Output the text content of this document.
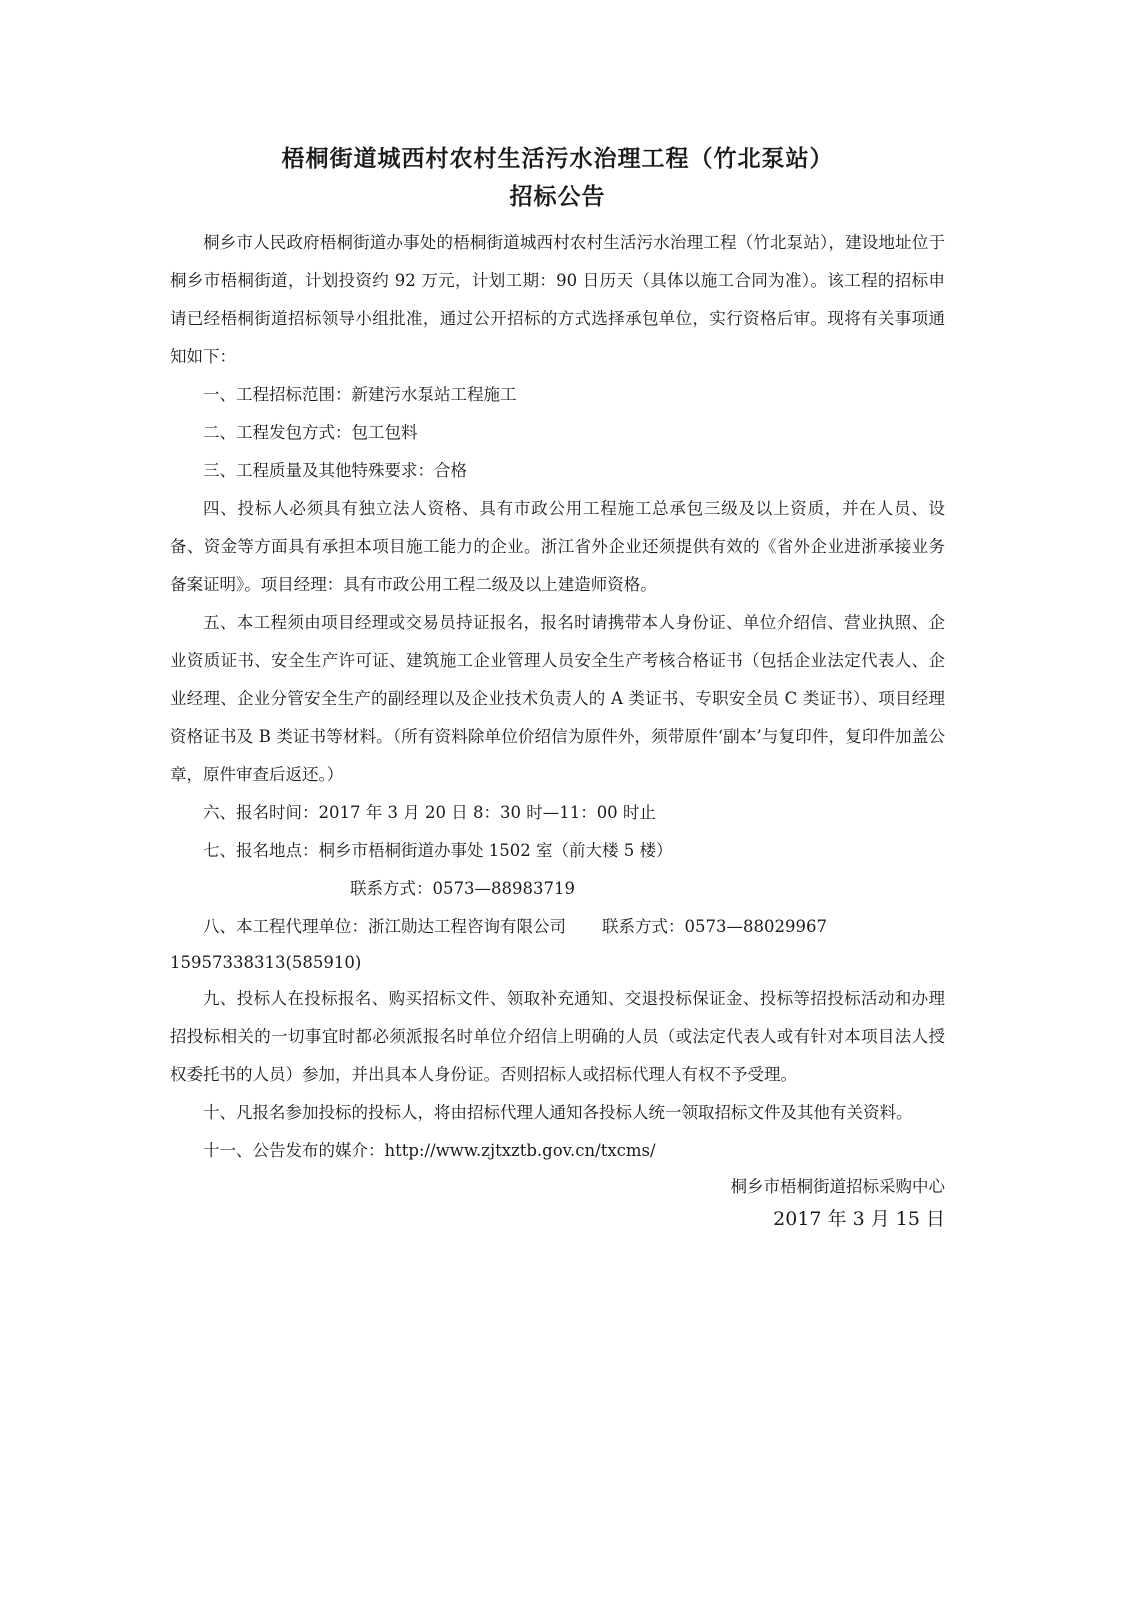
梧桐街道城西村农村生活污水治理工程（竹北泵站）
招标公告

桐乡市人民政府梧桐街道办事处的梧桐街道城西村农村生活污水治理工程（竹北泵站），建设地址位于桐乡市梧桐街道，计划投资约 92 万元，计划工期：90 日历天（具体以施工合同为准）。该工程的招标申请已经梧桐街道招标领导小组批准，通过公开招标的方式选择承包单位，实行资格后审。现将有关事项通知如下：

一、工程招标范围：新建污水泵站工程施工

二、工程发包方式：包工包料

三、工程质量及其他特殊要求：合格

四、投标人必须具有独立法人资格、具有市政公用工程施工总承包三级及以上资质，并在人员、设备、资金等方面具有承担本项目施工能力的企业。浙江省外企业还须提供有效的《省外企业进浙承接业务备案证明》。项目经理：具有市政公用工程二级及以上建造师资格。

五、本工程须由项目经理或交易员持证报名，报名时请携带本人身份证、单位介绍信、营业执照、企业资质证书、安全生产许可证、建筑施工企业管理人员安全生产考核合格证书（包括企业法定代表人、企业经理、企业分管安全生产的副经理以及企业技术负责人的 A 类证书、专职安全员 C 类证书）、项目经理资格证书及 B 类证书等材料。（所有资料除单位价绍信为原件外，须带原件‘副本’与复印件，复印件加盖公章，原件审查后返还。）

六、报名时间：2017 年 3 月 20 日 8：30 时—11：00 时止

七、报名地点：桐乡市梧桐街道办事处 1502 室（前大楼 5 楼）

联系方式：0573—88983719

八、本工程代理单位：浙江勋达工程咨询有限公司 联系方式：0573—88029967

15957338313(585910)

九、投标人在投标报名、购买招标文件、领取补充通知、交退投标保证金、投标等招投标活动和办理招投标相关的一切事宜时都必须派报名时单位介绍信上明确的人员（或法定代表人或有针对本项目法人授权委托书的人员）参加，并出具本人身份证。否则招标人或招标代理人有权不予受理。

十、凡报名参加投标的投标人，将由招标代理人通知各投标人统一领取招标文件及其他有关资料。

十一、公告发布的媒介：http://www.zjtxztb.gov.cn/txcms/

桐乡市梧桐街道招标采购中心

2017 年 3 月 15 日
